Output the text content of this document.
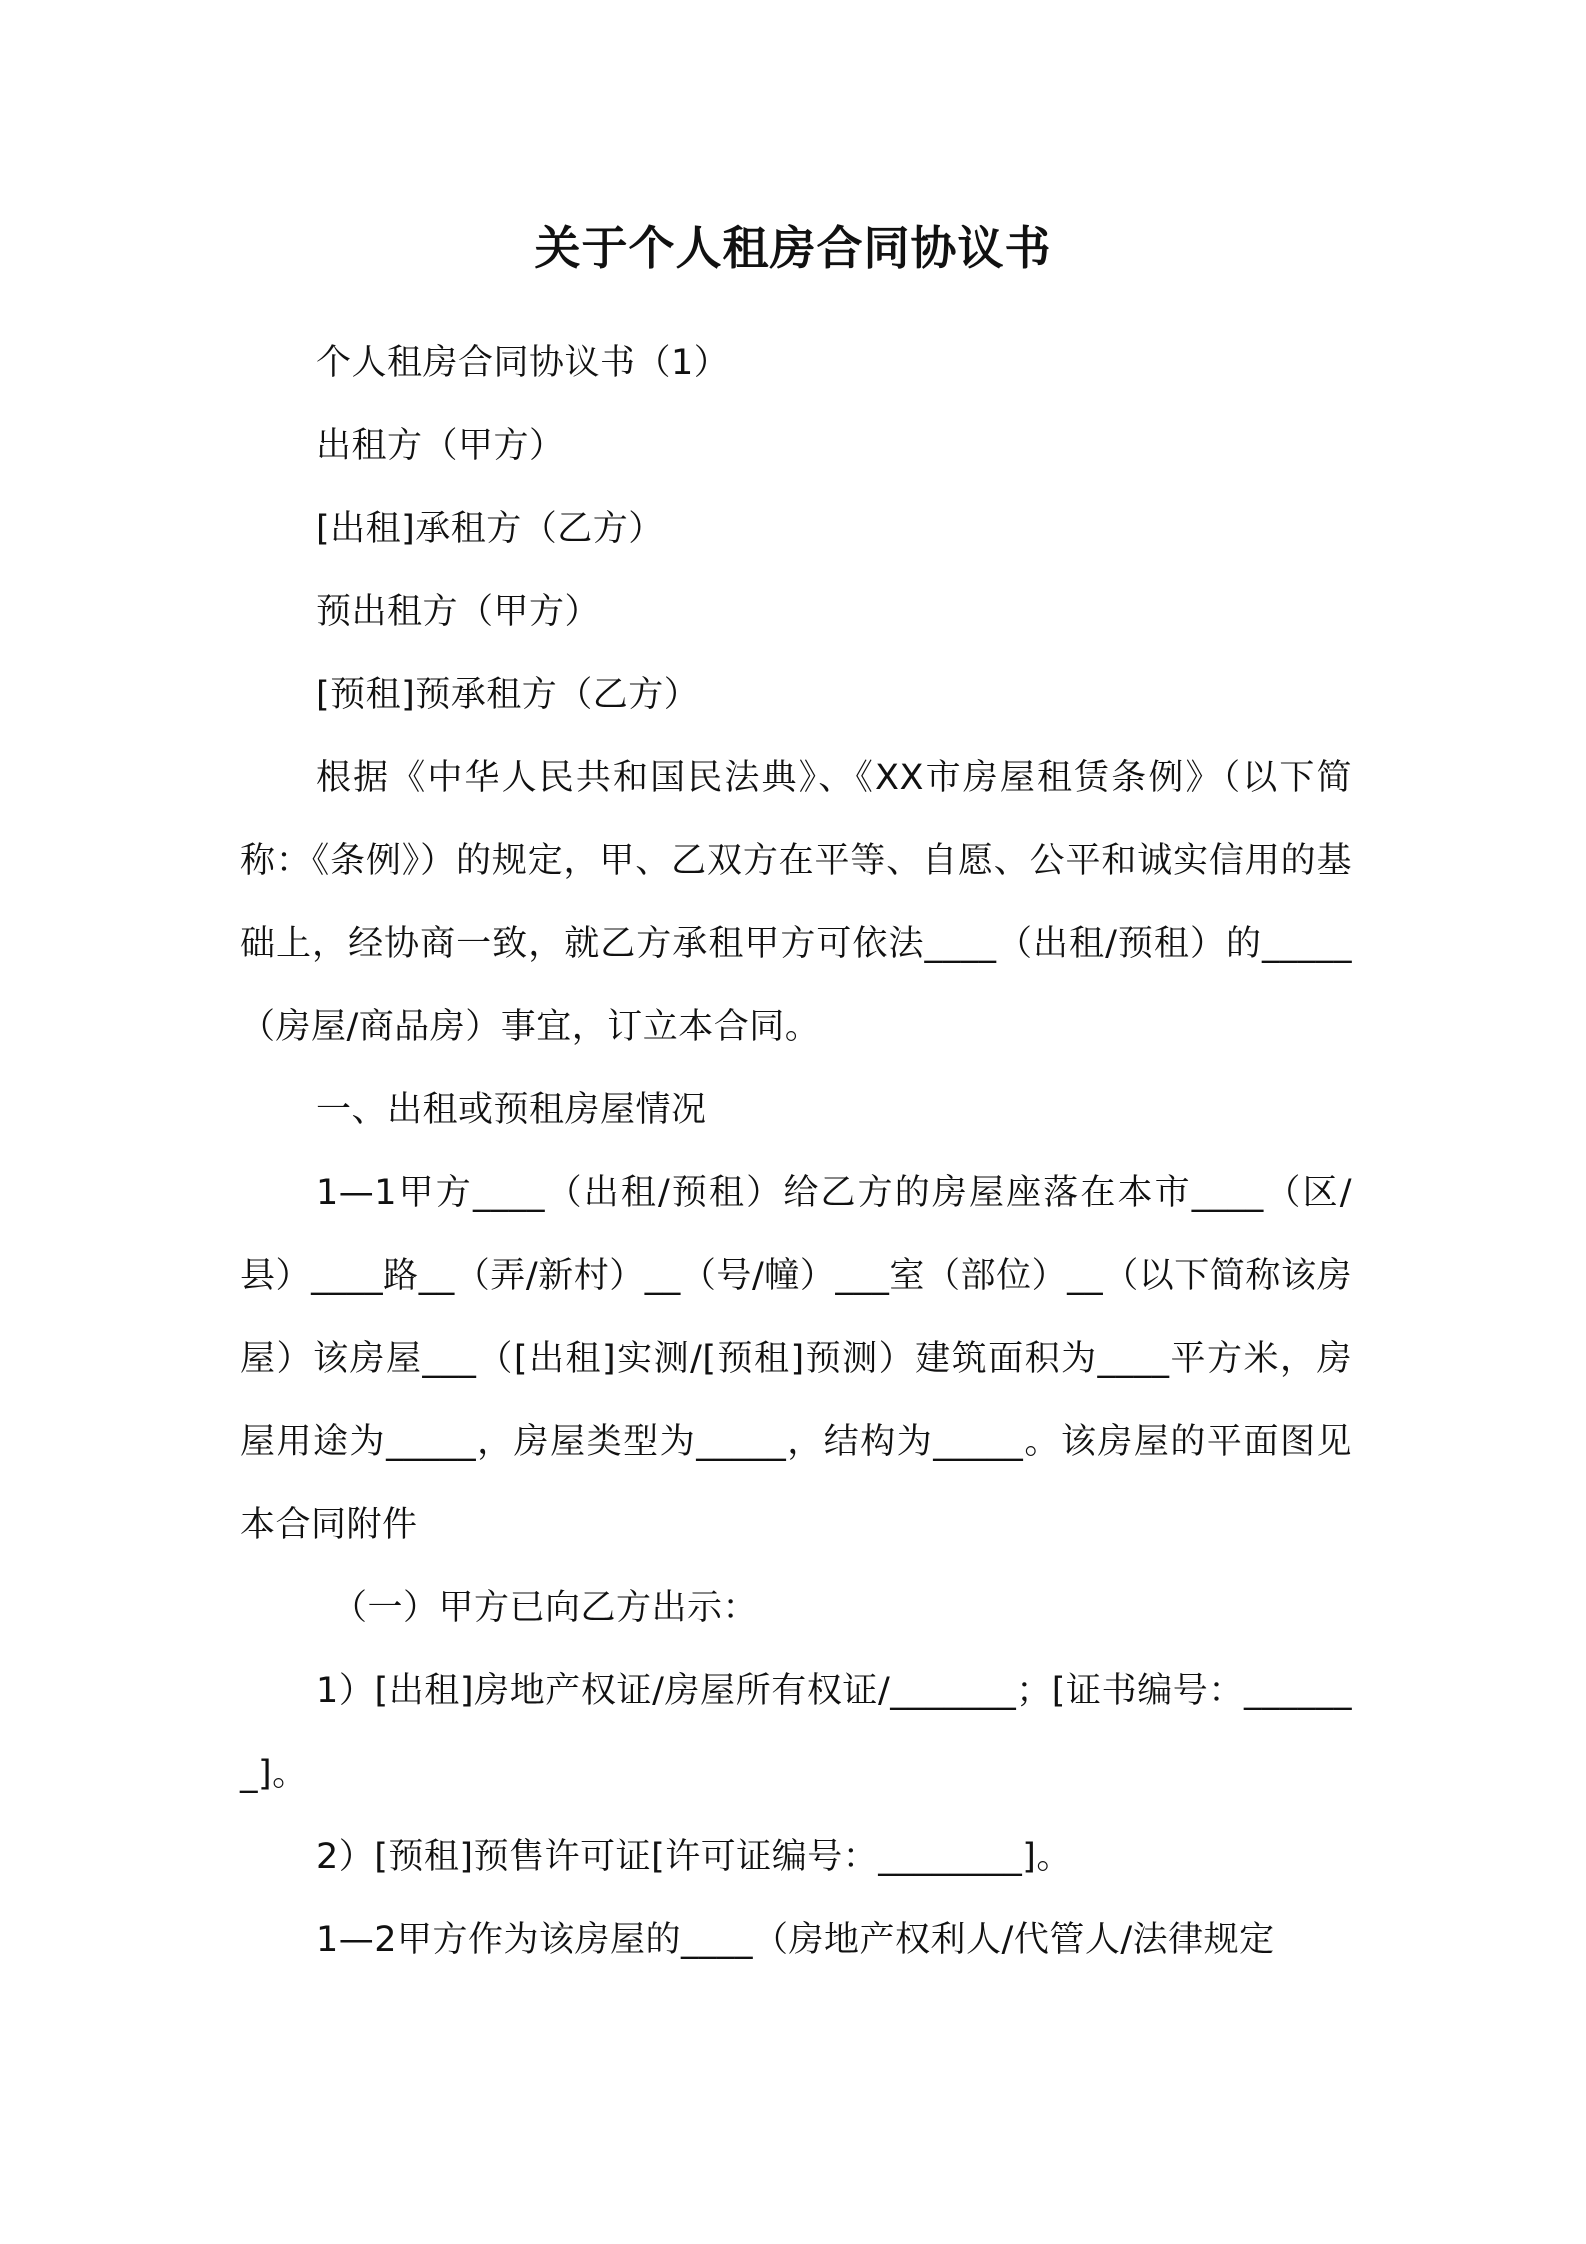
关于个人租房合同协议书

个人租房合同协议书（1）

出租方（甲方）

[出租]承租方（乙方）

预出租方（甲方）

[预租]预承租方（乙方）

根据《中华人民共和国民法典》、《XX市房屋租赁条例》（以下简称：《条例》）的规定，甲、乙双方在平等、自愿、公平和诚实信用的基础上，经协商一致，就乙方承租甲方可依法____（出租/预租）的_____（房屋/商品房）事宜，订立本合同。

一、出租或预租房屋情况

1—1甲方____（出租/预租）给乙方的房屋座落在本市____（区/县）____路__（弄/新村）__（号/幢）___室（部位）__（以下简称该房屋）该房屋___（[出租]实测/[预租]预测）建筑面积为____平方米，房屋用途为_____，房屋类型为_____，结构为_____。该房屋的平面图见本合同附件

（一）甲方已向乙方出示：

1）[出租]房地产权证/房屋所有权证/_______；[证书编号：_______]。

2）[预租]预售许可证[许可证编号：________]。

1—2甲方作为该房屋的____（房地产权利人/代管人/法律规定
